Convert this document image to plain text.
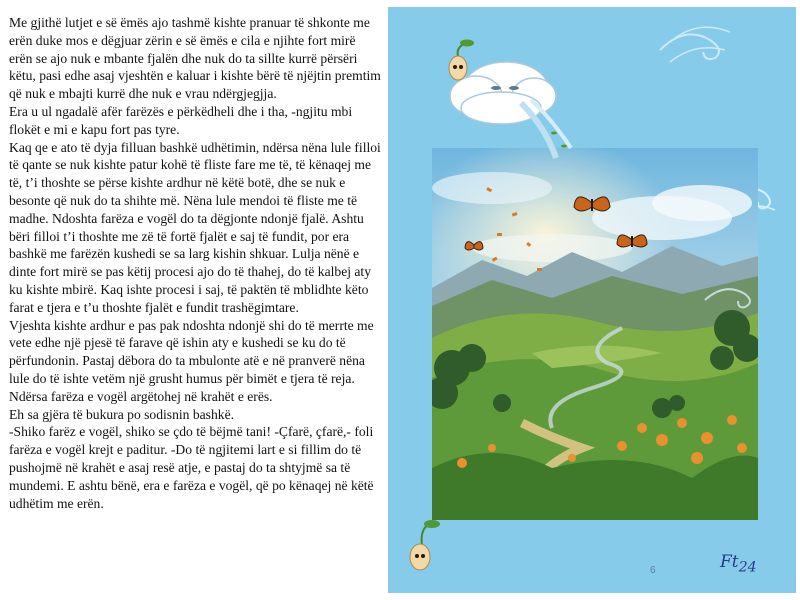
Me gjithë lutjet e së ëmës ajo tashmë kishte pranuar të shkonte me erën duke mos e dëgjuar zërin e së ëmës e cila e njihte fort mirë erën se ajo nuk e mbante fjalën dhe nuk do ta sillte kurrë përsëri këtu, pasi edhe asaj vjeshtën e kaluar i kishte bërë të njëjtin premtim që nuk e mbajti kurrë dhe nuk e vrau ndërgjegjja.

Era u ul ngadalë afër farëzës e përkëdheli dhe i tha, -ngjitu mbi flokët e mi e kapu fort pas tyre.

Kaq qe e ato të dyja filluan bashkë udhëtimin, ndërsa nëna lule filloi të qante se nuk kishte patur kohë të fliste fare me të, të kënaqej me të, t’i thoshte se përse kishte ardhur në këtë botë, dhe se nuk e besonte që nuk do ta shihte më. Nëna lule mendoi të fliste me të madhe. Ndoshta farëza e vogël do ta dëgjonte ndonjë fjalë. Ashtu bëri filloi t’i thoshte me zë të fortë fjalët e saj të fundit, por era bashkë me farëzën kushedi se sa larg kishin shkuar. Lulja nënë e dinte fort mirë se pas këtij procesi ajo do të thahej, do të kalbej aty ku kishte mbirë. Kaq ishte procesi i saj, të paktën të mblidhte këto farat e tjera e t’u thoshte fjalët e fundit trashëgimtare.

Vjeshta kishte ardhur e pas pak ndoshta ndonjë shi do të merrte me vete edhe një pjesë të farave që ishin aty e kushedi se ku do të përfundonin. Pastaj dëbora do ta mbulonte atë e në pranverë nëna lule do të ishte vetëm një grusht humus për bimët e tjera të reja. Ndërsa farëza e vogël argëtohej në krahët e erës.

Eh sa gjëra të bukura po sodisnin bashkë.

-Shiko farëz e vogël, shiko se çdo të bëjmë tani! -Çfarë, çfarë,- foli farëza e vogël krejt e paditur. -Do të ngjitemi lart e si fillim do të pushojmë në krahët e asaj resë atje, e pastaj do ta shtyjmë sa të mundemi. E ashtu bënë, era e farëza e vogël, që po kënaqej në këtë udhëtim me erën.

6	$Ft_{24}$
